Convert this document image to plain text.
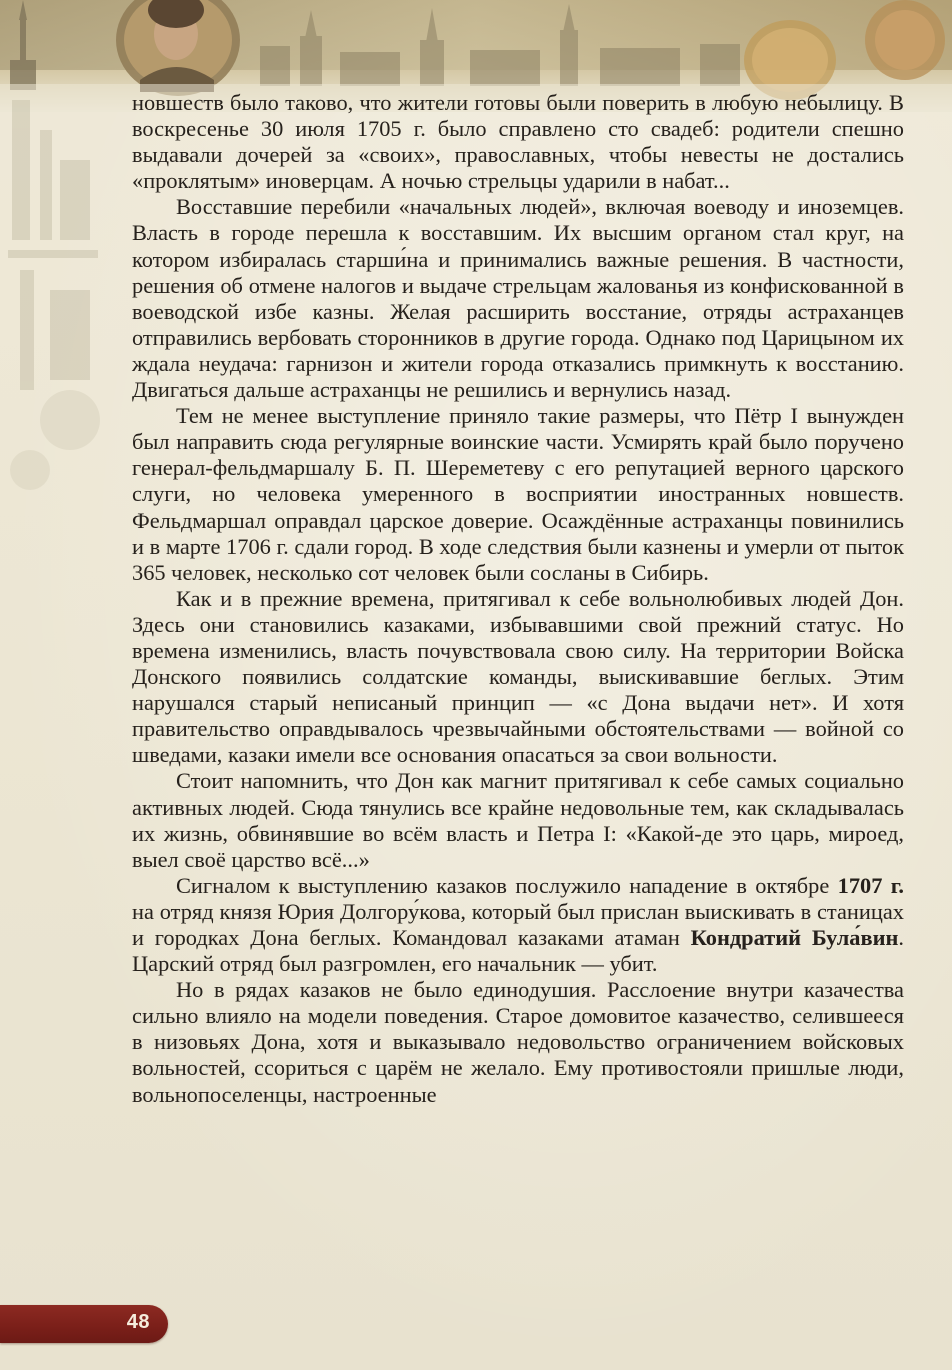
новшеств было таково, что жители готовы были поверить в любую небылицу. В воскресенье 30 июля 1705 г. было справлено сто свадеб: родители спешно выдавали дочерей за «своих», православных, чтобы невесты не достались «проклятым» иноверцам. А ночью стрельцы ударили в набат...

Восставшие перебили «начальных людей», включая воеводу и иноземцев. Власть в городе перешла к восставшим. Их высшим органом стал круг, на котором избиралась старши́на и принимались важные решения. В частности, решения об отмене налогов и выдаче стрельцам жалованья из конфискованной в воеводской избе казны. Желая расширить восстание, отряды астраханцев отправились вербовать сторонников в другие города. Однако под Царицыном их ждала неудача: гарнизон и жители города отказались примкнуть к восстанию. Двигаться дальше астраханцы не решились и вернулись назад.

Тем не менее выступление приняло такие размеры, что Пётр I вынужден был направить сюда регулярные воинские части. Усмирять край было поручено генерал-фельдмаршалу Б. П. Шереметеву с его репутацией верного царского слуги, но человека умеренного в восприятии иностранных новшеств. Фельдмаршал оправдал царское доверие. Осаждённые астраханцы повинились и в марте 1706 г. сдали город. В ходе следствия были казнены и умерли от пыток 365 человек, несколько сот человек были сосланы в Сибирь.

Как и в прежние времена, притягивал к себе вольнолюбивых людей Дон. Здесь они становились казаками, избывавшими свой прежний статус. Но времена изменились, власть почувствовала свою силу. На территории Войска Донского появились солдатские команды, выискивавшие беглых. Этим нарушался старый неписаный принцип — «с Дона выдачи нет». И хотя правительство оправдывалось чрезвычайными обстоятельствами — войной со шведами, казаки имели все основания опасаться за свои вольности.

Стоит напомнить, что Дон как магнит притягивал к себе самых социально активных людей. Сюда тянулись все крайне недовольные тем, как складывалась их жизнь, обвинявшие во всём власть и Петра I: «Какой-де это царь, мироед, выел своё царство всё...»

Сигналом к выступлению казаков послужило нападение в октябре 1707 г. на отряд князя Юрия Долгору́кова, который был прислан выискивать в станицах и городках Дона беглых. Командовал казаками атаман Кондратий Була́вин. Царский отряд был разгромлен, его начальник — убит.

Но в рядах казаков не было единодушия. Расслоение внутри казачества сильно влияло на модели поведения. Старое домовитое казачество, селившееся в низовьях Дона, хотя и выказывало недовольство ограничением войсковых вольностей, ссориться с царём не желало. Ему противостояли пришлые люди, вольнопоселенцы, настроенные

48
